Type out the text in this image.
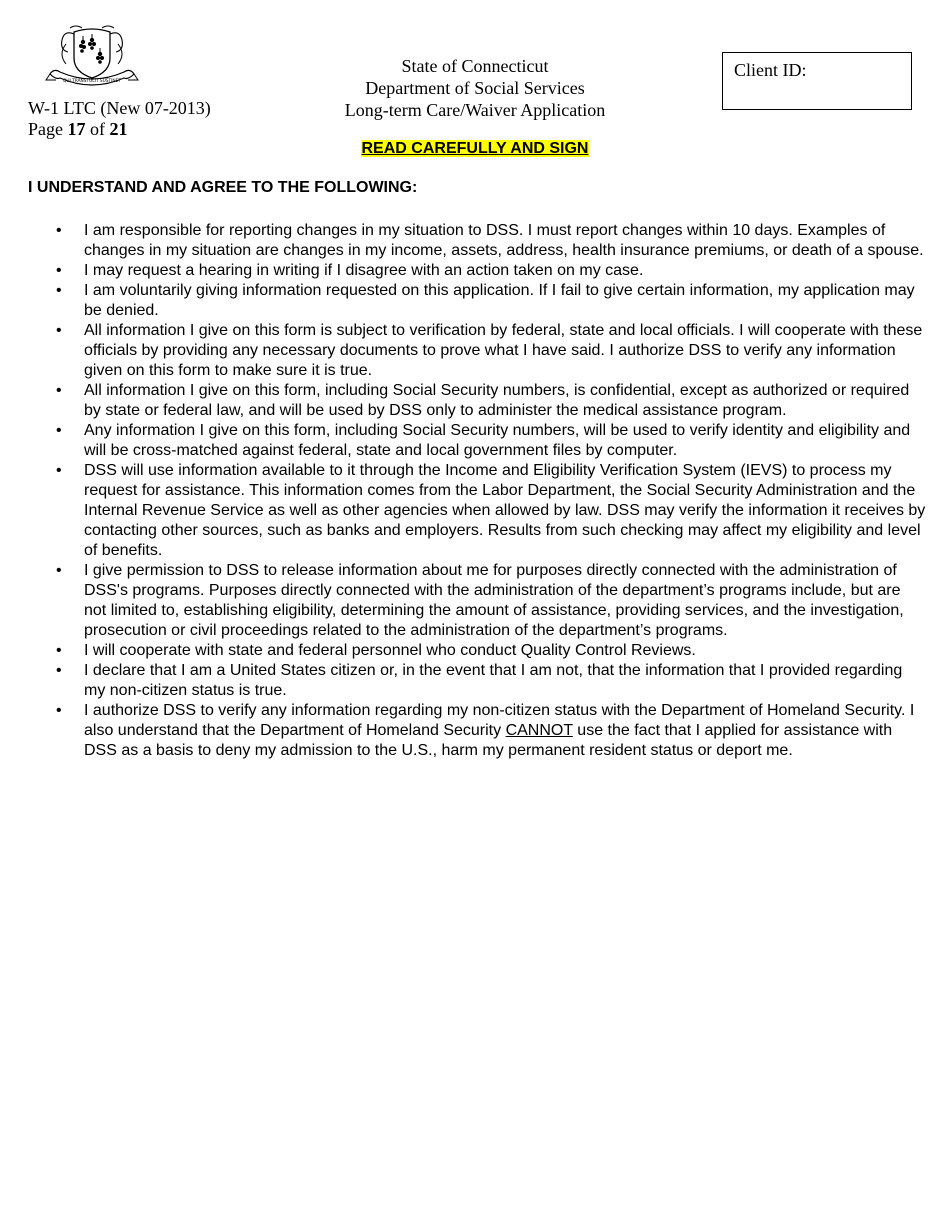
QUI TRANSTULIT SUSTINET
W-1 LTC (New 07-2013)
Page 17 of 21
State of Connecticut
Department of Social Services
Long-term Care/Waiver Application
Client ID:
READ CAREFULLY AND SIGN
I UNDERSTAND AND AGREE TO THE FOLLOWING:
• I am responsible for reporting changes in my situation to DSS. I must report changes within 10 days. Examples of changes in my situation are changes in my income, assets, address, health insurance premiums, or death of a spouse.
• I may request a hearing in writing if I disagree with an action taken on my case.
• I am voluntarily giving information requested on this application. If I fail to give certain information, my application may be denied.
• All information I give on this form is subject to verification by federal, state and local officials. I will cooperate with these officials by providing any necessary documents to prove what I have said. I authorize DSS to verify any information given on this form to make sure it is true.
• All information I give on this form, including Social Security numbers, is confidential, except as authorized or required by state or federal law, and will be used by DSS only to administer the medical assistance program.
• Any information I give on this form, including Social Security numbers, will be used to verify identity and eligibility and will be cross-matched against federal, state and local government files by computer.
• DSS will use information available to it through the Income and Eligibility Verification System (IEVS) to process my request for assistance. This information comes from the Labor Department, the Social Security Administration and the Internal Revenue Service as well as other agencies when allowed by law. DSS may verify the information it receives by contacting other sources, such as banks and employers. Results from such checking may affect my eligibility and level of benefits.
• I give permission to DSS to release information about me for purposes directly connected with the administration of DSS's programs. Purposes directly connected with the administration of the department’s programs include, but are not limited to, establishing eligibility, determining the amount of assistance, providing services, and the investigation, prosecution or civil proceedings related to the administration of the department’s programs.
• I will cooperate with state and federal personnel who conduct Quality Control Reviews.
• I declare that I am a United States citizen or, in the event that I am not, that the information that I provided regarding my non-citizen status is true.
• I authorize DSS to verify any information regarding my non-citizen status with the Department of Homeland Security. I also understand that the Department of Homeland Security CANNOT use the fact that I applied for assistance with DSS as a basis to deny my admission to the U.S., harm my permanent resident status or deport me.
